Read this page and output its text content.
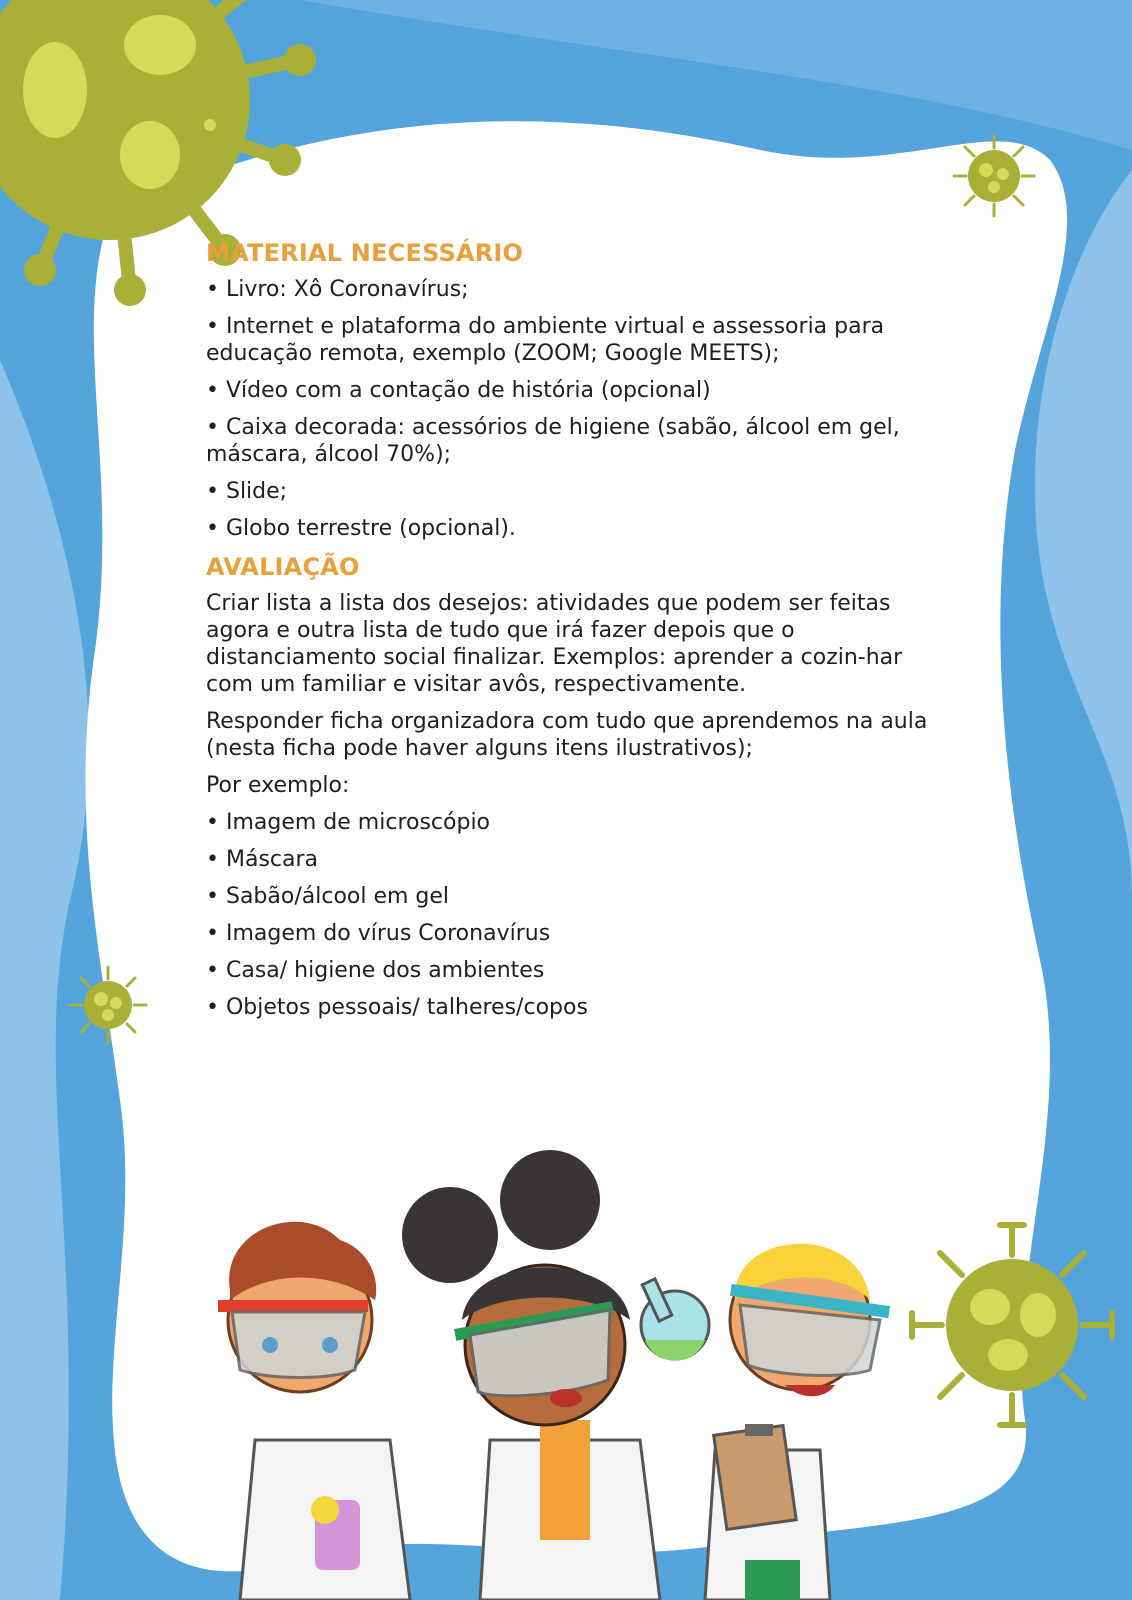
MATERIAL NECESSÁRIO
• Livro: Xô Coronavírus;
• Internet e plataforma do ambiente virtual e assessoria para educação remota, exemplo (ZOOM; Google MEETS);
• Vídeo com a contação de história (opcional)
• Caixa decorada: acessórios de higiene (sabão, álcool em gel, máscara, álcool 70%);
• Slide;
• Globo terrestre (opcional).
AVALIAÇÃO

Criar lista a lista dos desejos: atividades que podem ser feitas agora e outra lista de tudo que irá fazer depois que o distanciamento social finalizar. Exemplos: aprender a cozin-har com um familiar e visitar avôs, respectivamente.

Responder ficha organizadora com tudo que aprendemos na aula (nesta ficha pode haver alguns itens ilustrativos);

Por exemplo:

• Imagem de microscópio
• Máscara
• Sabão/álcool em gel
• Imagem do vírus Coronavírus
• Casa/ higiene dos ambientes
• Objetos pessoais/ talheres/copos
